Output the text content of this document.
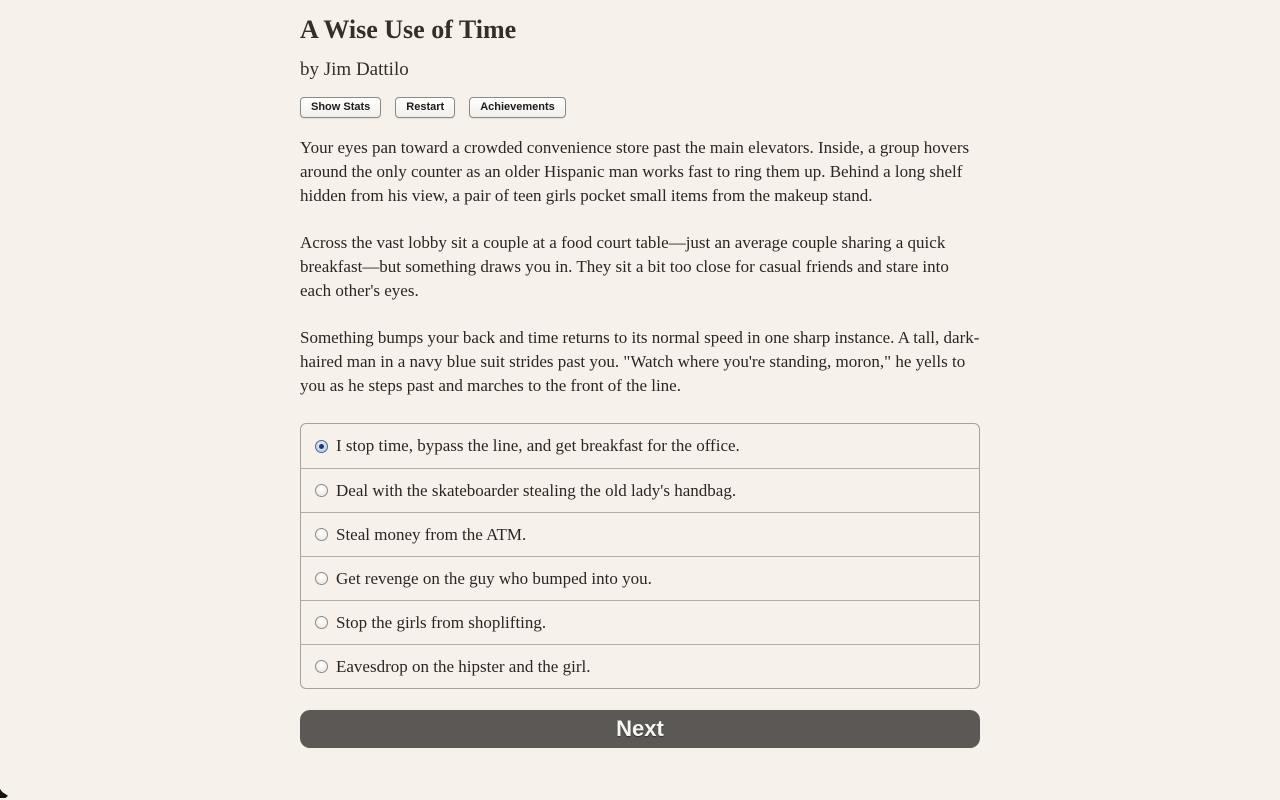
A Wise Use of Time
by Jim Dattilo
Show Stats	Restart	Achievements

Your eyes pan toward a crowded convenience store past the main elevators. Inside, a group hovers around the only counter as an older Hispanic man works fast to ring them up. Behind a long shelf hidden from his view, a pair of teen girls pocket small items from the makeup stand.

Across the vast lobby sit a couple at a food court table—just an average couple sharing a quick breakfast—but something draws you in. They sit a bit too close for casual friends and stare into each other's eyes.

Something bumps your back and time returns to its normal speed in one sharp instance. A tall, dark-haired man in a navy blue suit strides past you. "Watch where you're standing, moron," he yells to you as he steps past and marches to the front of the line.

I stop time, bypass the line, and get breakfast for the office.
Deal with the skateboarder stealing the old lady's handbag.
Steal money from the ATM.
Get revenge on the guy who bumped into you.
Stop the girls from shoplifting.
Eavesdrop on the hipster and the girl.
Next
